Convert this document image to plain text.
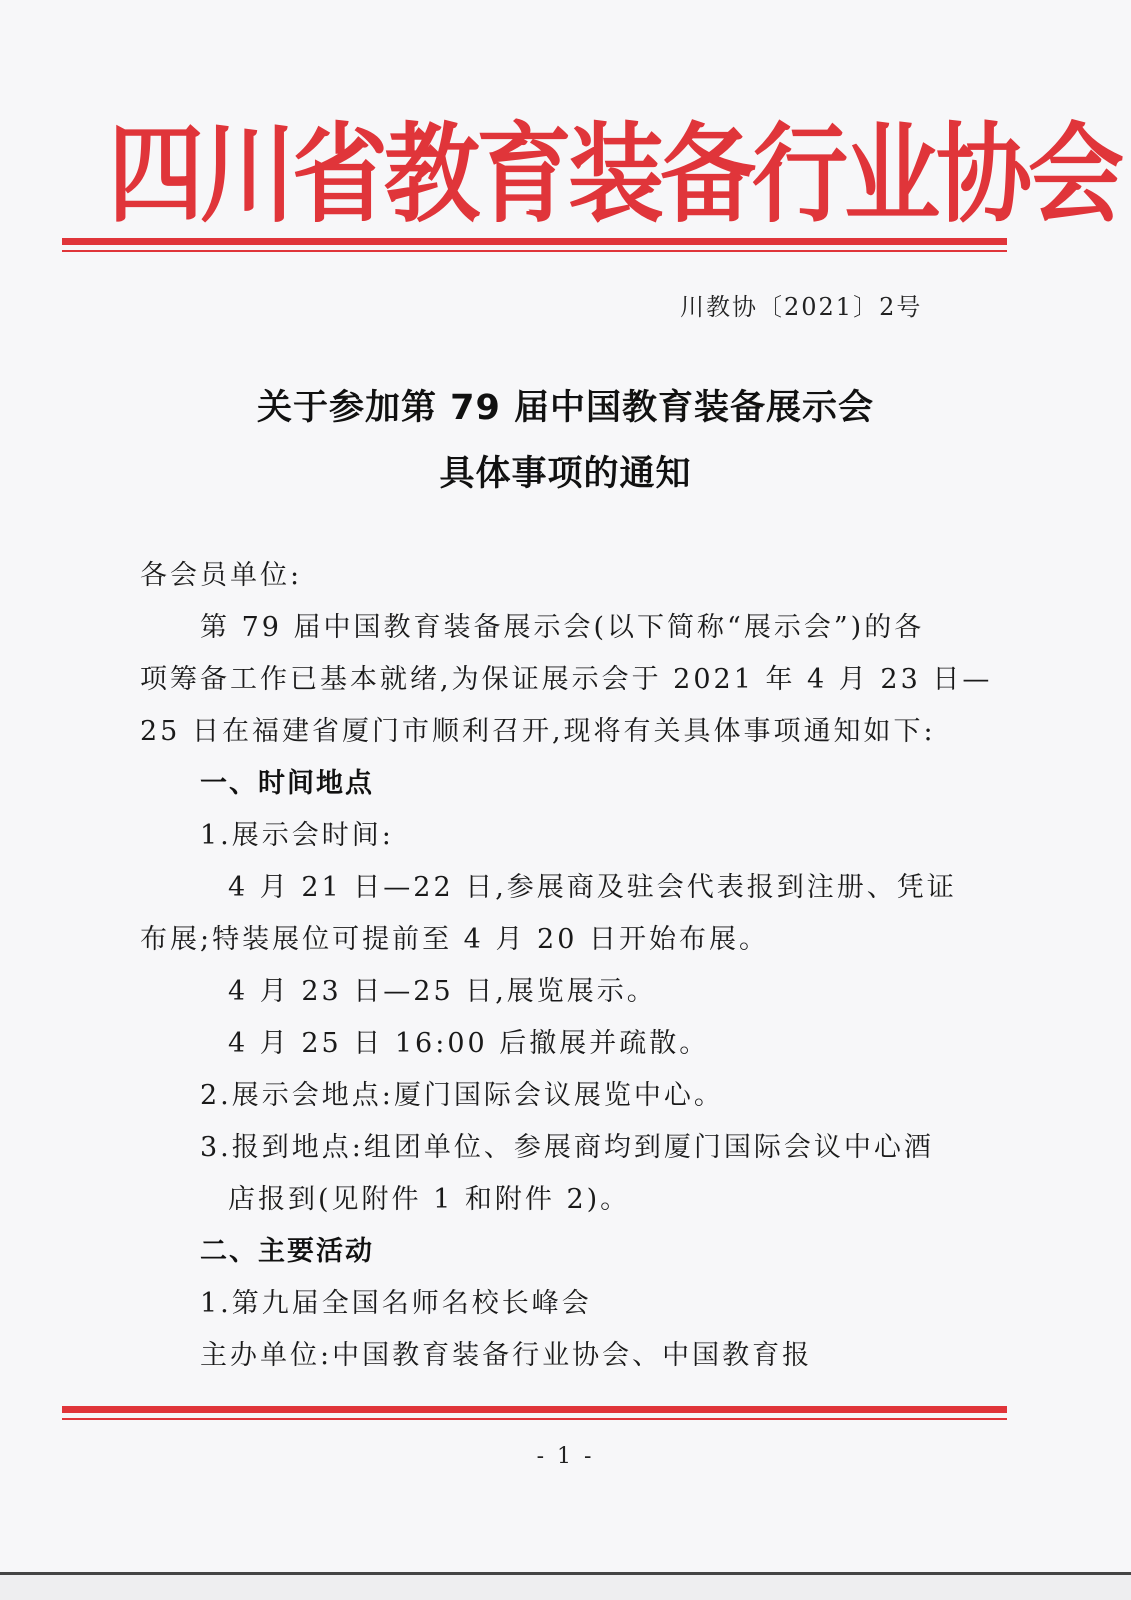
四川省教育装备行业协会
川教协〔2021〕2号
关于参加第 79 届中国教育装备展示会
具体事项的通知
各会员单位:
第 79 届中国教育装备展示会(以下简称“展示会”)的各
项筹备工作已基本就绪,为保证展示会于 2021 年 4 月 23 日—
25 日在福建省厦门市顺利召开,现将有关具体事项通知如下:
一、时间地点
1.展示会时间:
4 月 21 日—22 日,参展商及驻会代表报到注册、凭证
布展;特装展位可提前至 4 月 20 日开始布展。
4 月 23 日—25 日,展览展示。
4 月 25 日 16:00 后撤展并疏散。
2.展示会地点:厦门国际会议展览中心。
3.报到地点:组团单位、参展商均到厦门国际会议中心酒
店报到(见附件 1 和附件 2)。
二、主要活动
1.第九届全国名师名校长峰会
主办单位:中国教育装备行业协会、中国教育报
- 1 -
